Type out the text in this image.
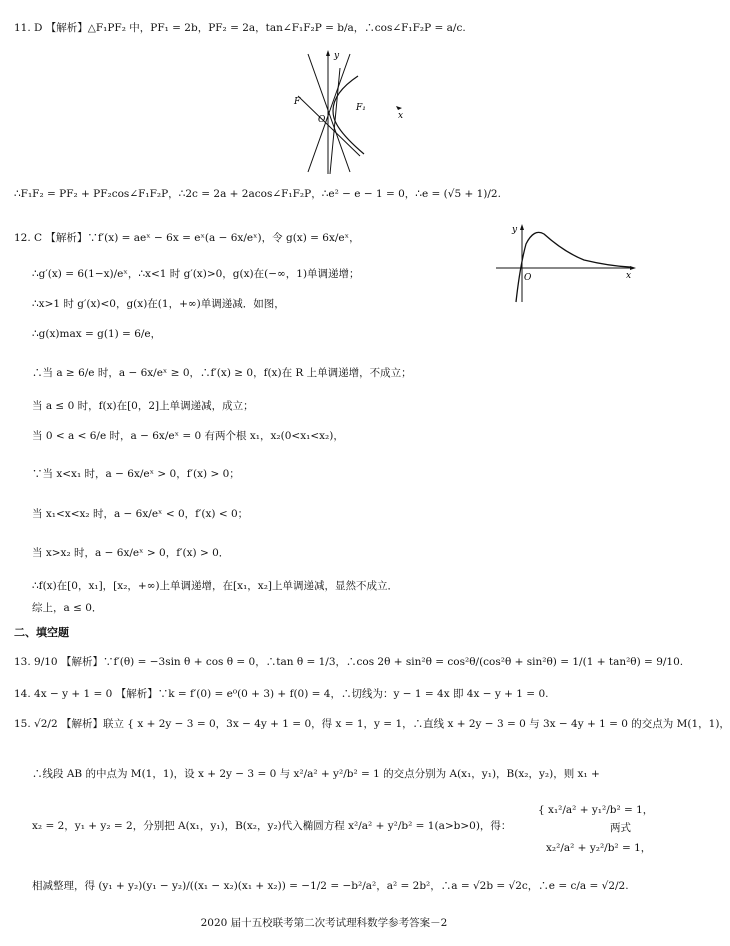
11. D 【解析】△F₁PF₂ 中，PF₁ = 2b，PF₂ = 2a，tan∠F₁F₂P = b/a，∴cos∠F₁F₂P = a/c.
y
x
F
F₁
O
∴F₁F₂ = PF₂ + PF₂cos∠F₁F₂P，∴2c = 2a + 2acos∠F₁F₂P，∴e² − e − 1 = 0，∴e = (√5 + 1)/2.
12. C 【解析】∵f′(x) = aeˣ − 6x = eˣ(a − 6x/eˣ)，令 g(x) = 6x/eˣ，
y
O	x
∴g′(x) = 6(1−x)/eˣ，∴x<1 时 g′(x)>0，g(x)在(−∞，1)单调递增；
∴x>1 时 g′(x)<0，g(x)在(1，+∞)单调递减．如图，
∴g(x)max = g(1) = 6/e，
∴当 a ≥ 6/e 时，a − 6x/eˣ ≥ 0，∴f′(x) ≥ 0，f(x)在 R 上单调递增，不成立；
当 a ≤ 0 时，f(x)在[0，2]上单调递减，成立；
当 0 < a < 6/e 时，a − 6x/eˣ = 0 有两个根 x₁，x₂(0<x₁<x₂)，
∵当 x<x₁ 时，a − 6x/eˣ > 0，f′(x) > 0；
当 x₁<x<x₂ 时，a − 6x/eˣ < 0，f′(x) < 0；
当 x>x₂ 时，a − 6x/eˣ > 0，f′(x) > 0．
∴f(x)在[0，x₁]，[x₂，+∞)上单调递增，在[x₁，x₂]上单调递减，显然不成立．
综上，a ≤ 0．
二、填空题
13. 9/10 【解析】∵f′(θ) = −3sin θ + cos θ = 0，∴tan θ = 1/3，∴cos 2θ + sin²θ = cos²θ/(cos²θ + sin²θ) = 1/(1 + tan²θ) = 9/10.
14. 4x − y + 1 = 0 【解析】∵k = f′(0) = e⁰(0 + 3) + f(0) = 4，∴切线为：y − 1 = 4x 即 4x − y + 1 = 0.
15. √2/2 【解析】联立 { x + 2y − 3 = 0，3x − 4y + 1 = 0，得 x = 1，y = 1，∴直线 x + 2y − 3 = 0 与 3x − 4y + 1 = 0 的交点为 M(1，1)，
∴线段 AB 的中点为 M(1，1)，设 x + 2y − 3 = 0 与 x²/a² + y²/b² = 1 的交点分别为 A(x₁，y₁)，B(x₂，y₂)，则 x₁ +
x₂ = 2，y₁ + y₂ = 2，分别把 A(x₁，y₁)，B(x₂，y₂)代入椭圆方程 x²/a² + y²/b² = 1(a>b>0)，得：
{ x₁²/a² + y₁²/b² = 1，
x₂²/a² + y₂²/b² = 1，
两式
相减整理，得 (y₁ + y₂)(y₁ − y₂)/((x₁ − x₂)(x₁ + x₂)) = −1/2 = −b²/a²，a² = 2b²，∴a = √2b = √2c，∴e = c/a = √2/2.
2020 届十五校联考第二次考试理科数学参考答案－2
